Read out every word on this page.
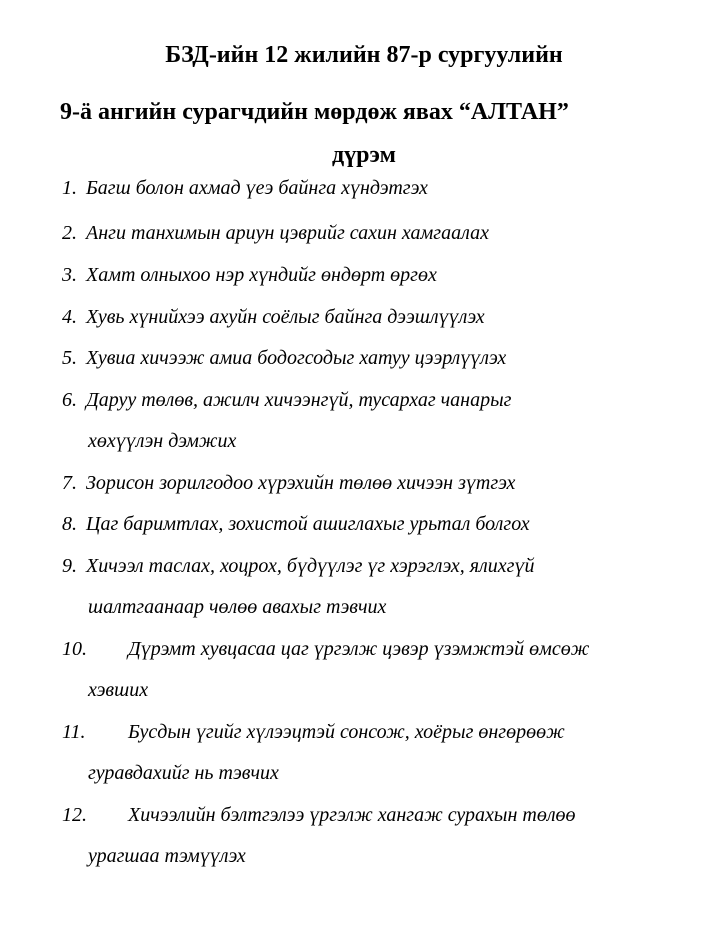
БЗД-ийн 12 жилийн 87-р сургуулийн
9-ä ангийн сурагчдийн мөрдөж явах “АЛТАН”
дүрэм
1. Багш болон ахмад үеэ байнга хүндэтгэх
2. Анги танхимын ариун цэврийг сахин хамгаалах
3. Хамт олныхоо нэр хүндийг өндөрт өргөх
4. Хувь хүнийхээ ахуйн соёлыг байнга дээшлүүлэх
5. Хувиа хичээж амиа бодогсодыг хатуу цээрлүүлэх
6. Даруу төлөв, ажилч хичээнгүй, тусархаг чанарыг
хөхүүлэн дэмжих
7. Зорисон зорилгодоо хүрэхийн төлөө хичээн зүтгэх
8. Цаг баримтлах, зохистой ашиглахыг урьтал болгох
9. Хичээл таслах, хоцрох, бүдүүлэг үг хэрэглэх, ялихгүй
шалтгаанаар чөлөө авахыг тэвчих
10. Дүрэмт хувцасаа цаг үргэлж цэвэр үзэмжтэй өмсөж
хэвших
11. Бусдын үгийг хүлээцтэй сонсож, хоёрыг өнгөрөөж
гуравдахийг нь тэвчих
12. Хичээлийн бэлтгэлээ үргэлж хангаж сурахын төлөө
урагшаа тэмүүлэх
